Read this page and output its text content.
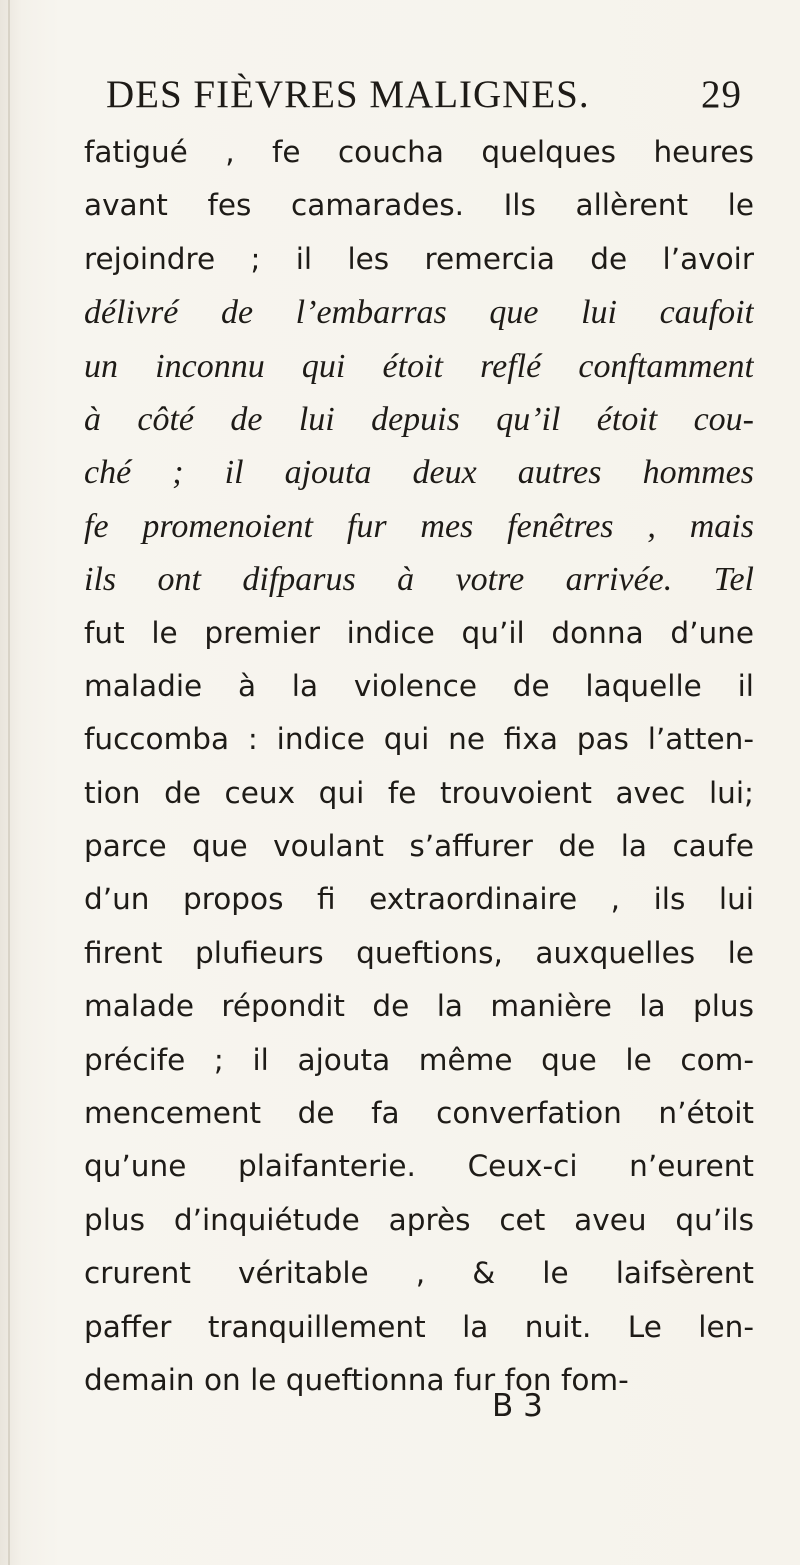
DES FIÈVRES MALIGNES.	29
fatigué , fe coucha quelques heures
avant fes camarades. Ils allèrent le
rejoindre ; il les remercia de l’avoir
délivré de l’embarras que lui caufoit
un inconnu qui étoit reflé conftamment
à côté de lui depuis qu’il étoit cou-
ché ; il ajouta deux autres hommes
fe promenoient fur mes fenêtres , mais
ils ont difparus à votre arrivée. Tel
fut le premier indice qu’il donna d’une
maladie à la violence de laquelle il
fuccomba : indice qui ne fixa pas l’atten-
tion de ceux qui fe trouvoient avec lui;
parce que voulant s’affurer de la caufe
d’un propos fi extraordinaire , ils lui
firent plufieurs queftions, auxquelles le
malade répondit de la manière la plus
précife ; il ajouta même que le com-
mencement de fa converfation n’étoit
qu’une plaifanterie. Ceux-ci n’eurent
plus d’inquiétude après cet aveu qu’ils
crurent véritable , & le laifsèrent
paffer tranquillement la nuit. Le len-
demain on le queftionna fur fon fom-
B 3
